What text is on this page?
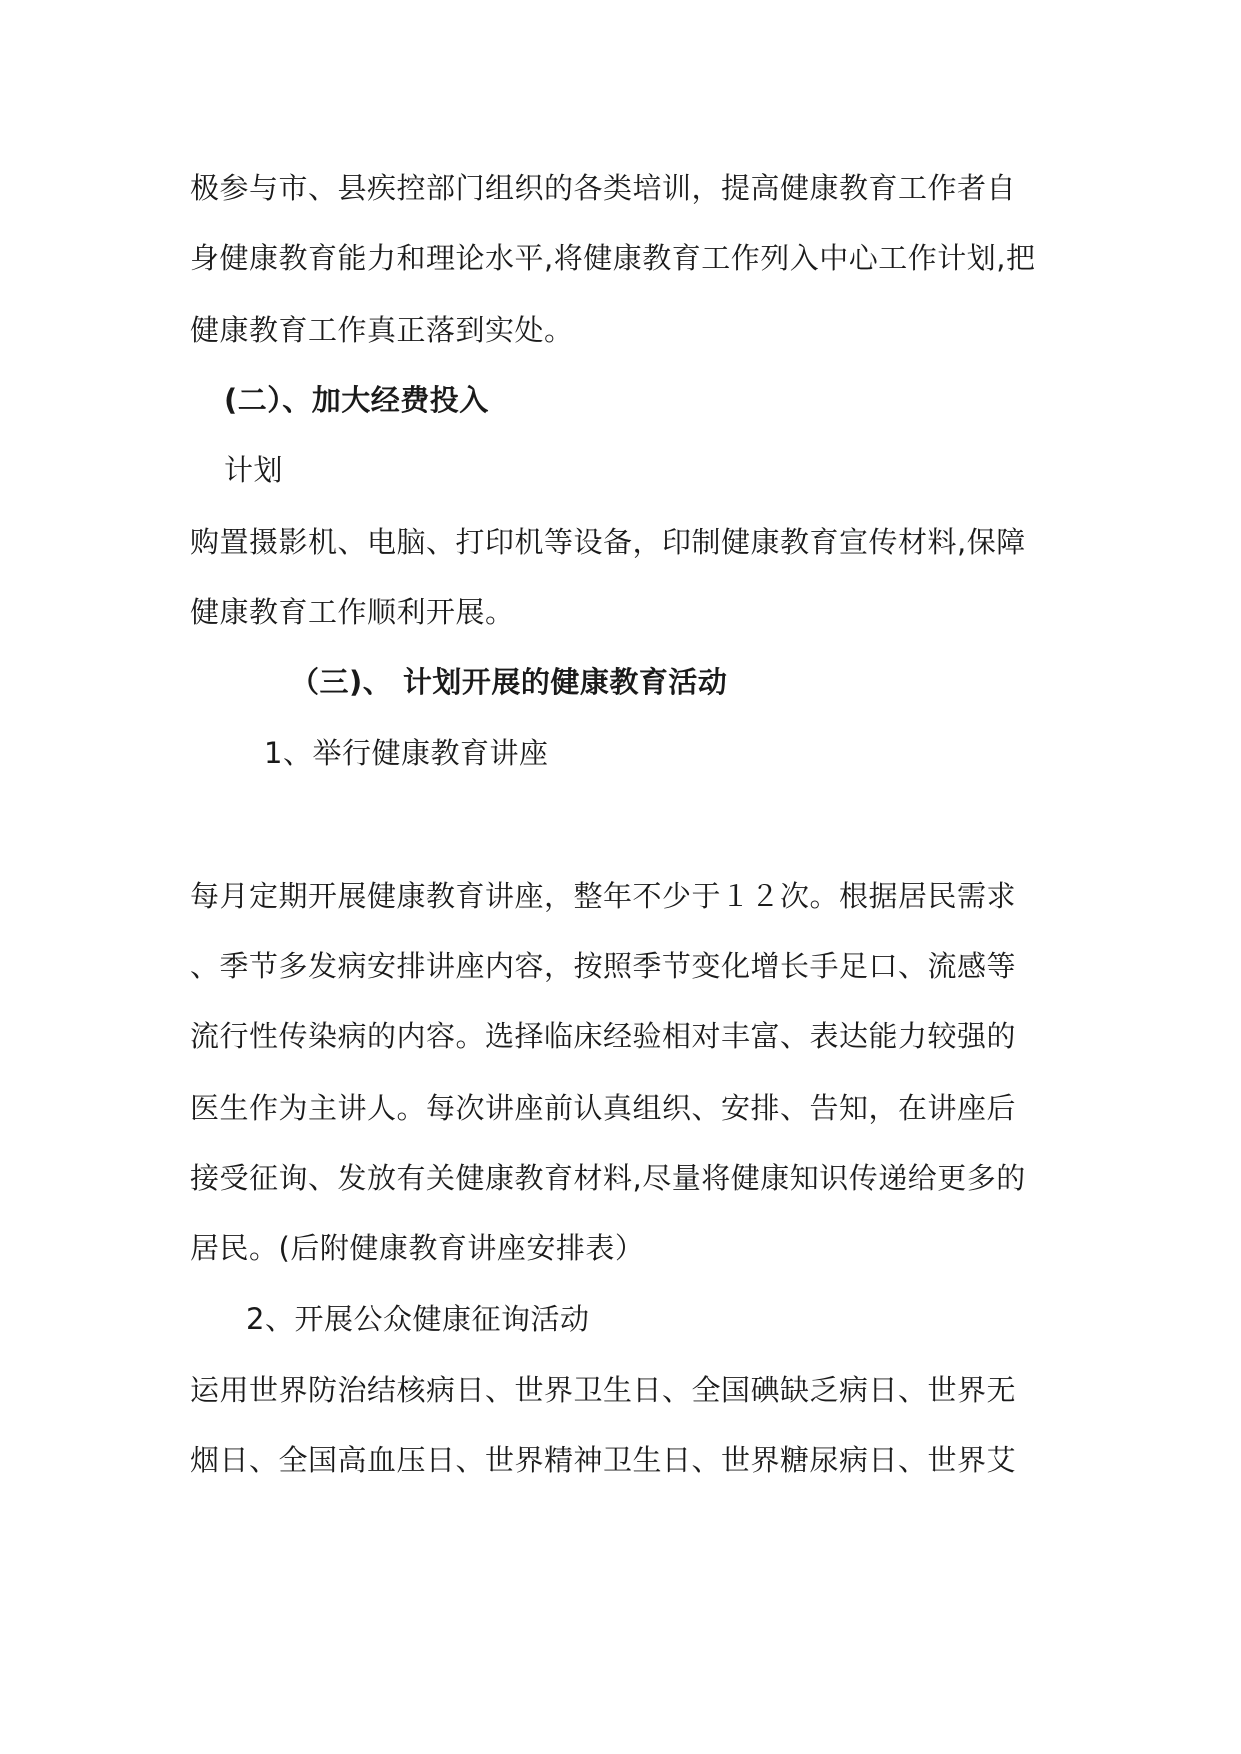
极参与市、县疾控部门组织的各类培训，提高健康教育工作者自
身健康教育能力和理论水平,将健康教育工作列入中心工作计划,把
健康教育工作真正落到实处。
(二）、加大经费投入
计划
购置摄影机、电脑、打印机等设备，印制健康教育宣传材料,保障
健康教育工作顺利开展。
（三)、 计划开展的健康教育活动
1、举行健康教育讲座
每月定期开展健康教育讲座，整年不少于１２次。根据居民需求
、季节多发病安排讲座内容，按照季节变化增长手足口、流感等
流行性传染病的内容。选择临床经验相对丰富、表达能力较强的
医生作为主讲人。每次讲座前认真组织、安排、告知，在讲座后
接受征询、发放有关健康教育材料,尽量将健康知识传递给更多的
居民。(后附健康教育讲座安排表）
2、开展公众健康征询活动
运用世界防治结核病日、世界卫生日、全国碘缺乏病日、世界无
烟日、全国高血压日、世界精神卫生日、世界糖尿病日、世界艾
